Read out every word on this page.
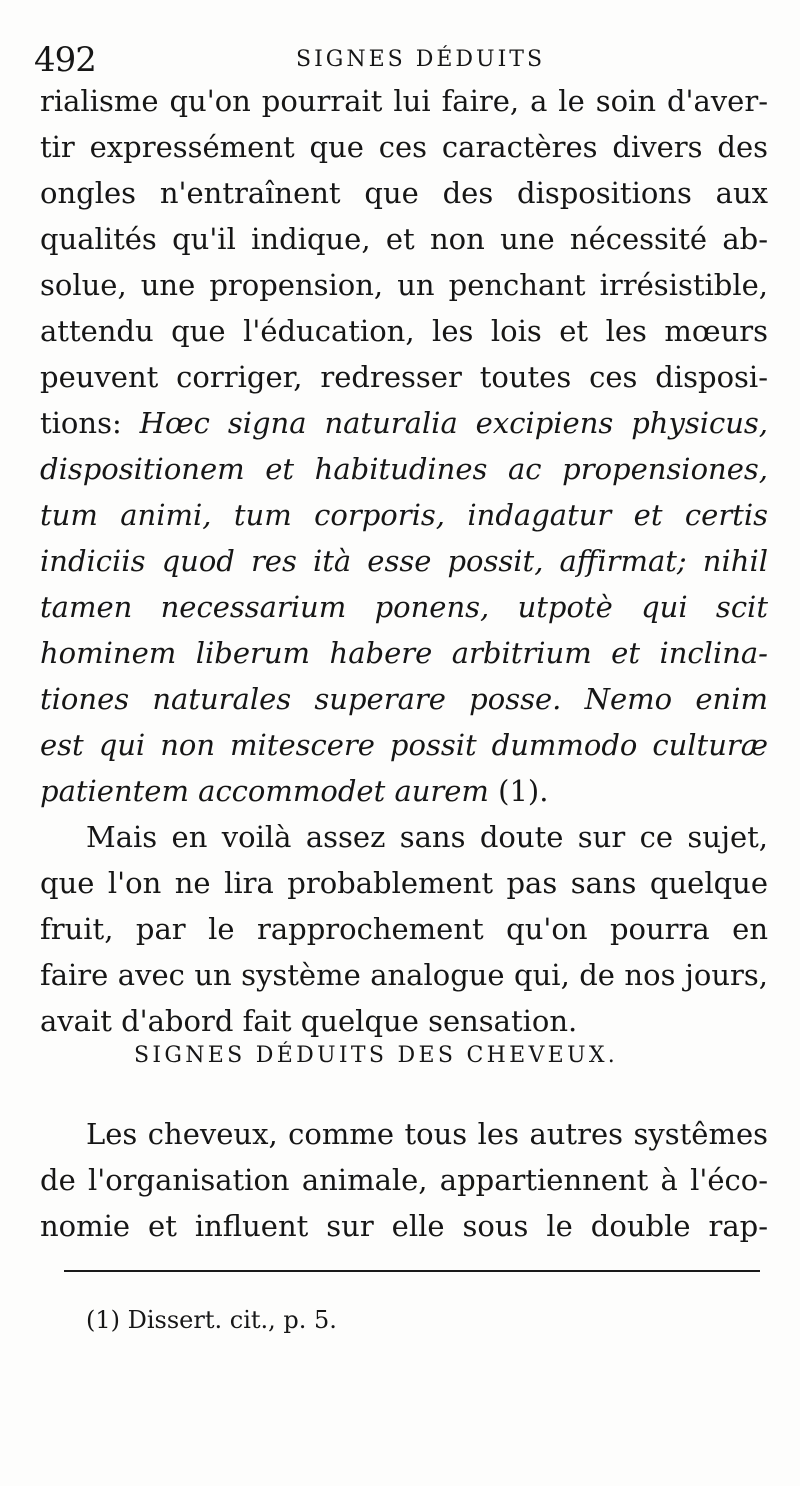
492	SIGNES DÉDUITS
rialisme qu'on pourrait lui faire, a le soin d'aver-
tir expressément que ces caractères divers des
ongles n'entraînent que des dispositions aux
qualités qu'il indique, et non une nécessité ab-
solue, une propension, un penchant irrésistible,
attendu que l'éducation, les lois et les mœurs
peuvent corriger, redresser toutes ces disposi-
tions: Hœc signa naturalia excipiens physicus,
dispositionem et habitudines ac propensiones,
tum animi, tum corporis, indagatur et certis
indiciis quod res ità esse possit, affirmat; nihil
tamen necessarium ponens, utpotè qui scit
hominem liberum habere arbitrium et inclina-
tiones naturales superare posse. Nemo enim
est qui non mitescere possit dummodo culturæ
patientem accommodet aurem (1).
Mais en voilà assez sans doute sur ce sujet,
que l'on ne lira probablement pas sans quelque
fruit, par le rapprochement qu'on pourra en
faire avec un système analogue qui, de nos jours,
avait d'abord fait quelque sensation.
SIGNES DÉDUITS DES CHEVEUX.
Les cheveux, comme tous les autres systêmes
de l'organisation animale, appartiennent à l'éco-
nomie et influent sur elle sous le double rap-
(1) Dissert. cit., p. 5.
